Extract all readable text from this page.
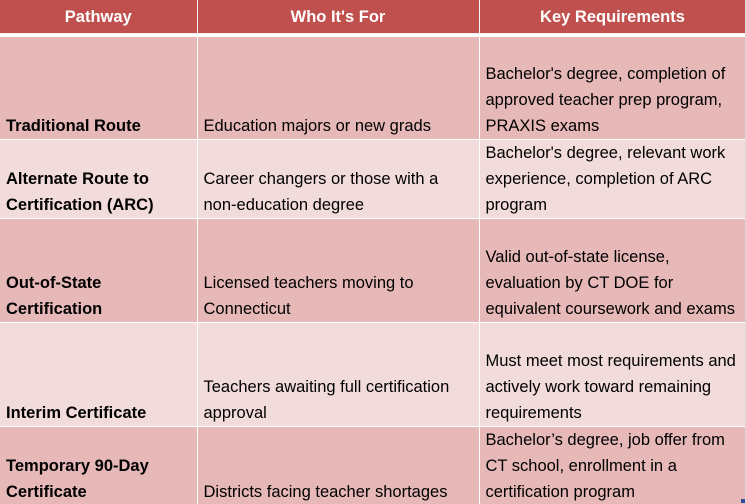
Pathway	Who It's For	Key Requirements

Traditional Route	Education majors or new grads	Bachelor's degree, completion of approved teacher prep program, PRAXIS exams
Alternate Route to Certification (ARC)	Career changers or those with a non-education degree	Bachelor's degree, relevant work experience, completion of ARC program
Out-of-State Certification	Licensed teachers moving to Connecticut	Valid out-of-state license, evaluation by CT DOE for equivalent coursework and exams
Interim Certificate	Teachers awaiting full certification approval	Must meet most requirements and actively work toward remaining requirements
Temporary 90-Day Certificate	Districts facing teacher shortages	Bachelor’s degree, job offer from CT school, enrollment in a certification program
